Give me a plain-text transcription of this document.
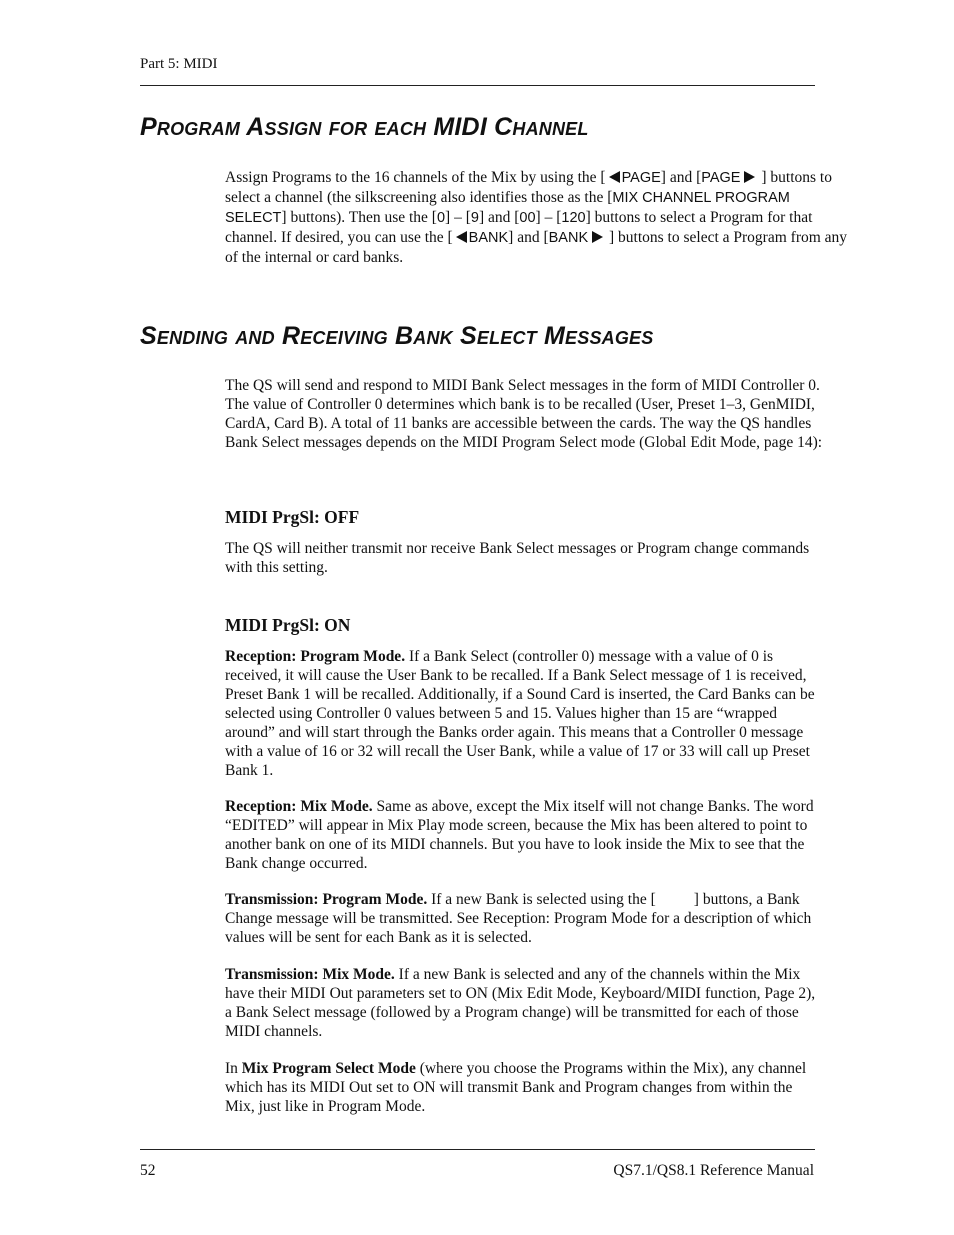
Part 5: MIDI
Program Assign for each MIDI Channel
Assign Programs to the 16 channels of the Mix by using the [ PAGE] and [PAGE ] buttons to select a channel (the silkscreening also identifies those as the [MIX CHANNEL PROGRAM SELECT] buttons). Then use the [0] – [9] and [00] – [120] buttons to select a Program for that channel. If desired, you can use the [ BANK] and [BANK ] buttons to select a Program from any of the internal or card banks.
Sending and Receiving Bank Select Messages
The QS will send and respond to MIDI Bank Select messages in the form of MIDI Controller 0. The value of Controller 0 determines which bank is to be recalled (User, Preset 1–3, GenMIDI, CardA, Card B). A total of 11 banks are accessible between the cards. The way the QS handles Bank Select messages depends on the MIDI Program Select mode (Global Edit Mode, page 14):
MIDI PrgSl: OFF
The QS will neither transmit nor receive Bank Select messages or Program change commands with this setting.
MIDI PrgSl: ON
Reception: Program Mode. If a Bank Select (controller 0) message with a value of 0 is received, it will cause the User Bank to be recalled. If a Bank Select message of 1 is received, Preset Bank 1 will be recalled. Additionally, if a Sound Card is inserted, the Card Banks can be selected using Controller 0 values between 5 and 15. Values higher than 15 are “wrapped around” and will start through the Banks order again. This means that a Controller 0 message with a value of 16 or 32 will recall the User Bank, while a value of 17 or 33 will call up Preset Bank 1.
Reception: Mix Mode. Same as above, except the Mix itself will not change Banks. The word “EDITED” will appear in Mix Play mode screen, because the Mix has been altered to point to another bank on one of its MIDI channels. But you have to look inside the Mix to see that the Bank change occurred.
Transmission: Program Mode. If a new Bank is selected using the [ ] buttons, a Bank Change message will be transmitted. See Reception: Program Mode for a description of which values will be sent for each Bank as it is selected.
Transmission: Mix Mode. If a new Bank is selected and any of the channels within the Mix have their MIDI Out parameters set to ON (Mix Edit Mode, Keyboard/MIDI function, Page 2), a Bank Select message (followed by a Program change) will be transmitted for each of those MIDI channels.
In Mix Program Select Mode (where you choose the Programs within the Mix), any channel which has its MIDI Out set to ON will transmit Bank and Program changes from within the Mix, just like in Program Mode.
52	QS7.1/QS8.1 Reference Manual
